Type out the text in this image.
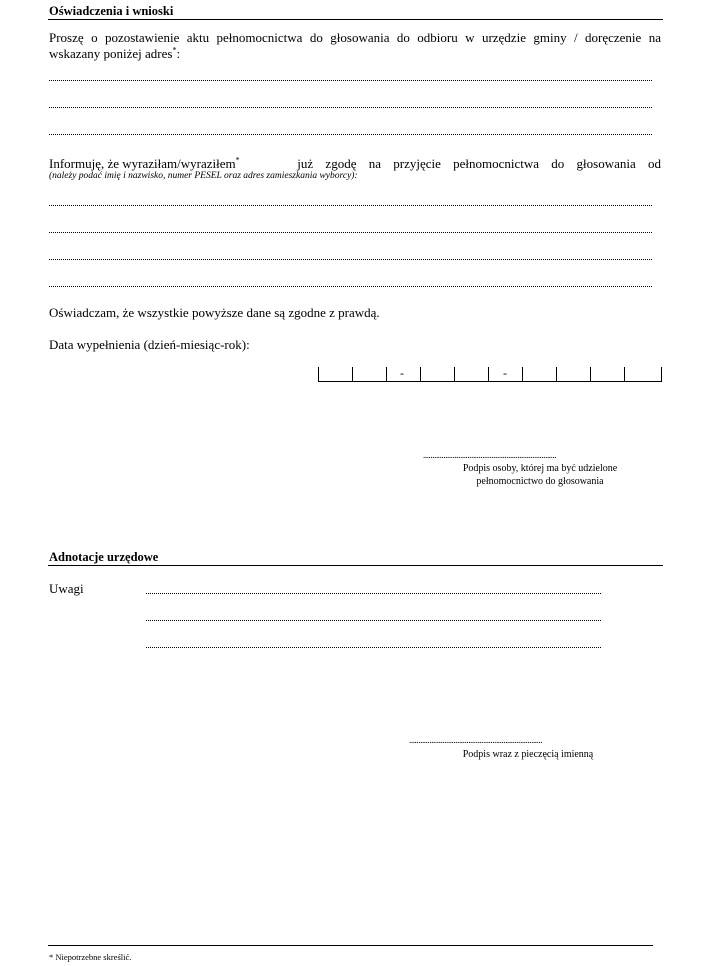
Oświadczenia i wnioski
Proszę o pozostawienie aktu pełnomocnictwa do głosowania do odbioru w urzędzie gminy / doręczenie na
wskazany poniżej adres*:
Informuję, że wyraziłam/wyraziłem*	już zgodę na przyjęcie pełnomocnictwa do głosowania od
(należy podać imię i nazwisko, numer PESEL oraz adres zamieszkania wyborcy):
Oświadczam, że wszystkie powyższe dane są zgodne z prawdą.
Data wypełnienia (dzień-miesiąc-rok):
-	-
........................................................................
Podpis osoby, której ma być udzielone
pełnomocnictwo do głosowania
Adnotacje urzędowe
Uwagi
........................................................................
Podpis wraz z pieczęcią imienną
* Niepotrzebne skreślić.
